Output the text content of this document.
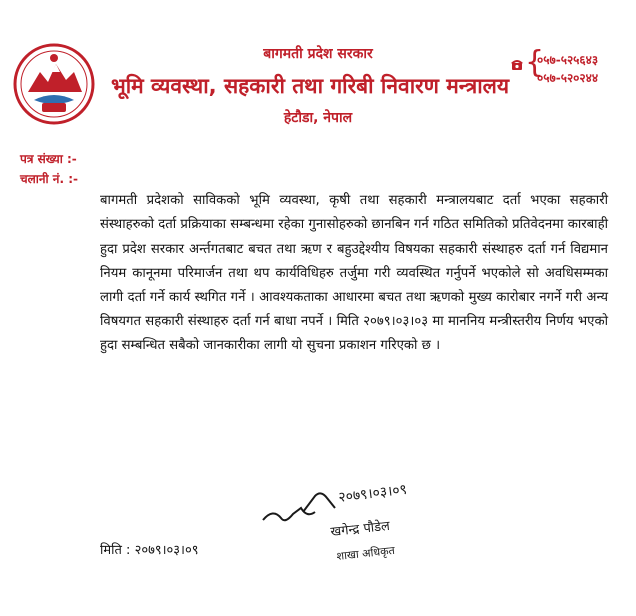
बागमती प्रदेश सरकार
भूमि व्यवस्था, सहकारी तथा गरिबी निवारण मन्त्रालय
हेटौडा, नेपाल
{
०५७-५२५६४३
०५७-५२०२४४
पत्र संख्या :-
चलानी नं. :-

बागमती प्रदेशको साविकको भूमि व्यवस्था, कृषी तथा सहकारी मन्त्रालयबाट दर्ता भएका सहकारी संस्थाहरुको दर्ता प्रक्रियाका सम्बन्धमा रहेका गुनासोहरुको छानबिन गर्न गठित समितिको प्रतिवेदनमा कारबाही हुदा प्रदेश सरकार अर्न्तगतबाट बचत तथा ऋण र बहुउद्देश्यीय विषयका सहकारी संस्थाहरु दर्ता गर्न विद्यमान नियम कानूनमा परिमार्जन तथा थप कार्यविधिहरु तर्जुमा गरी व्यवस्थित गर्नुपर्ने भएकोले सो अवधिसम्मका लागी दर्ता गर्ने कार्य स्थगित गर्ने । आवश्यकताका आधारमा बचत तथा ऋणको मुख्य कारोबार नगर्ने गरी अन्य विषयगत सहकारी संस्थाहरु दर्ता गर्न बाधा नपर्ने । मिति २०७९।०३।०३ मा माननिय मन्त्रीस्तरीय निर्णय भएको हुदा सम्बन्धित सबैको जानकारीका लागी यो सुचना प्रकाशन गरिएको छ ।

२०७९।०३।०९
खगेन्द्र पौडेल
शाखा अधिकृत
मिति : २०७९।०३।०९
